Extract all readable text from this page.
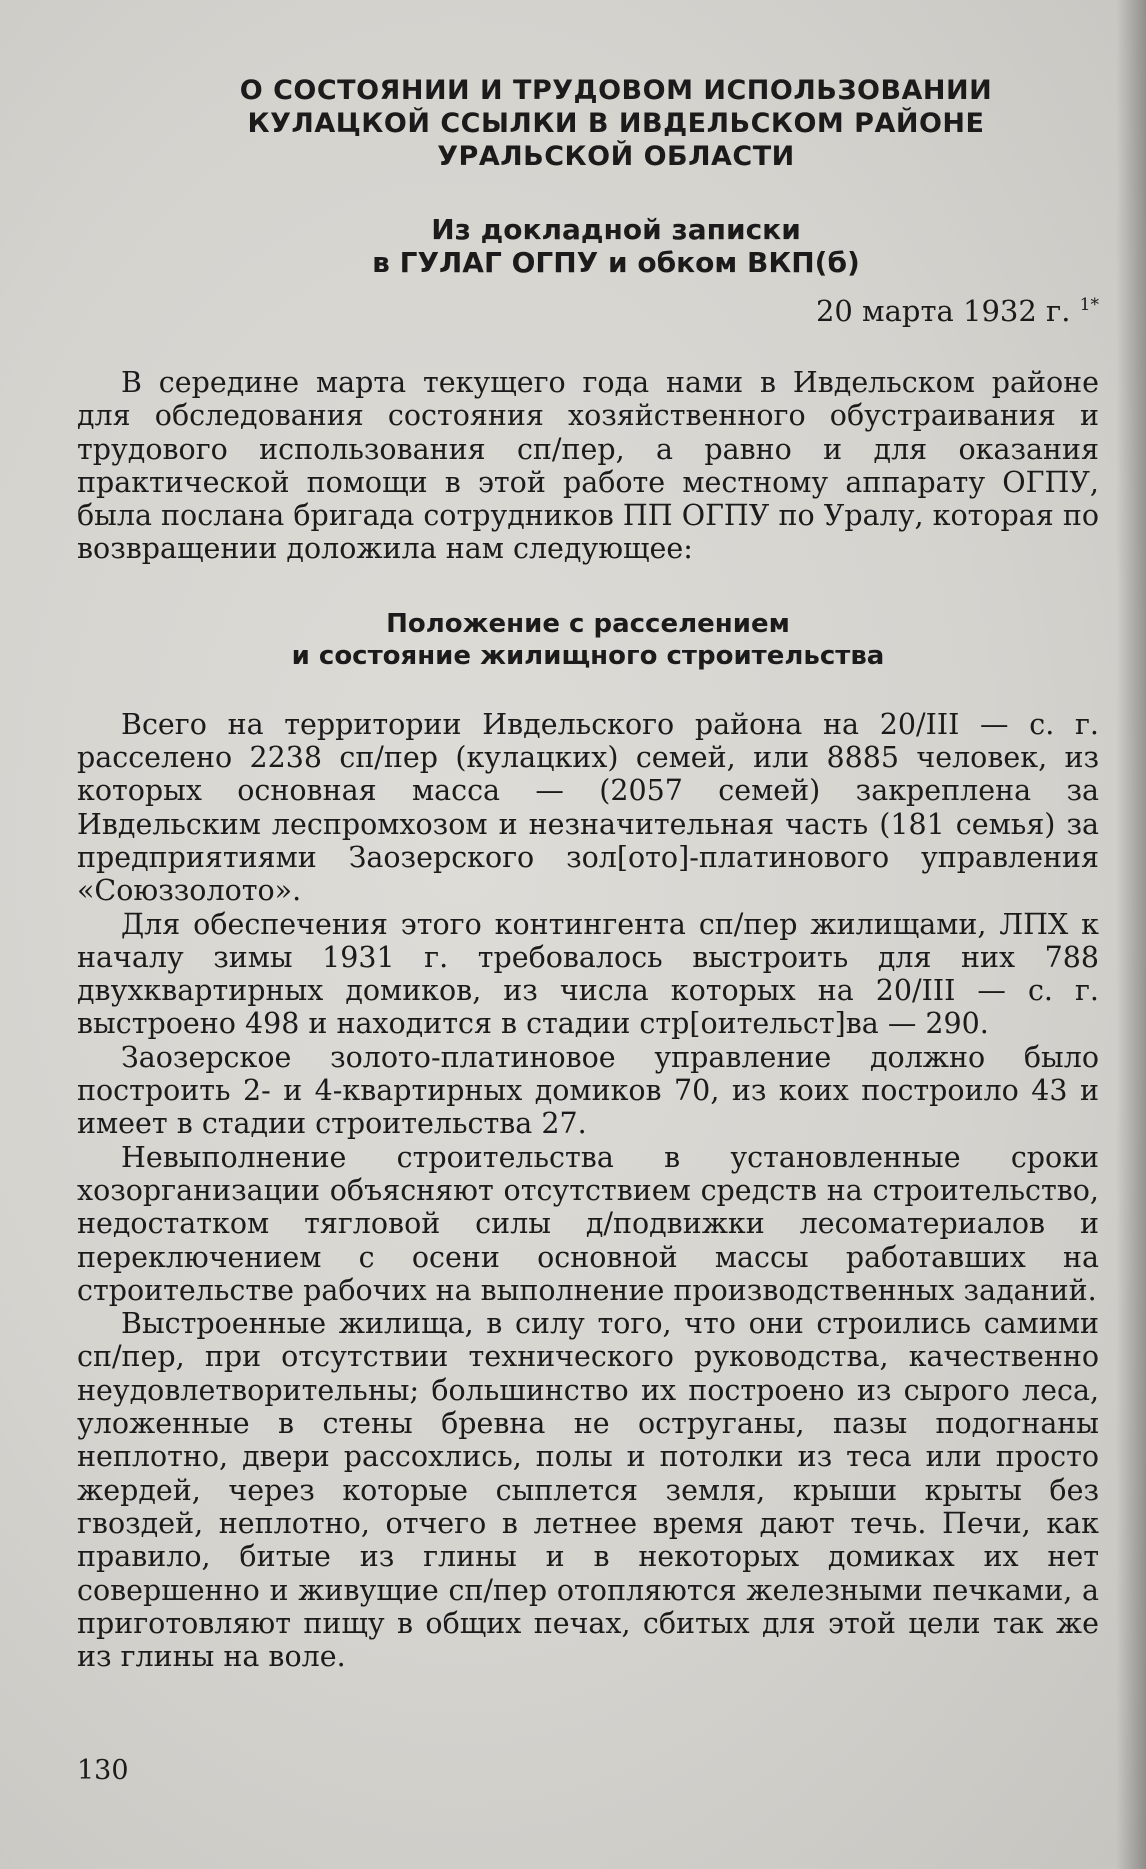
О СОСТОЯНИИ И ТРУДОВОМ ИСПОЛЬЗОВАНИИ
КУЛАЦКОЙ ССЫЛКИ В ИВДЕЛЬСКОМ РАЙОНЕ
УРАЛЬСКОЙ ОБЛАСТИ
Из докладной записки
в ГУЛАГ ОГПУ и обком ВКП(б)
20 марта 1932 г. $^{1*}$

В середине марта текущего года нами в Ивдельском районе для обследования состояния хозяйственного обустраивания и трудового использования сп/пер, а равно и для оказания практической помощи в этой работе местному аппарату ОГПУ, была послана бригада сотрудников ПП ОГПУ по Уралу, которая по возвращении доложила нам следующее:

Положение с расселением
и состояние жилищного строительства

Всего на территории Ивдельского района на 20/III — с. г. расселено 2238 сп/пер (кулацких) семей, или 8885 человек, из которых основная масса — (2057 семей) закреплена за Ивдельским леспромхозом и незначительная часть (181 семья) за предприятиями Заозерского зол[ото]-платинового управления «Союззолото».

Для обеспечения этого контингента сп/пер жилищами, ЛПХ к началу зимы 1931 г. требовалось выстроить для них 788 двухквартирных домиков, из числа которых на 20/III — с. г. выстроено 498 и находится в стадии стр[оительст]ва — 290.

Заозерское золото-платиновое управление должно было построить 2- и 4-квартирных домиков 70, из коих построило 43 и имеет в стадии строительства 27.

Невыполнение строительства в установленные сроки хозорганизации объясняют отсутствием средств на строительство, недостатком тягловой силы д/подвижки лесоматериалов и переключением с осени основной массы работавших на строительстве рабочих на выполнение производственных заданий.

Выстроенные жилища, в силу того, что они строились самими сп/пер, при отсутствии технического руководства, качественно неудовлетворительны; большинство их построено из сырого леса, уложенные в стены бревна не оструганы, пазы подогнаны неплотно, двери рассохлись, полы и потолки из теса или просто жердей, через которые сыплется земля, крыши крыты без гвоздей, неплотно, отчего в летнее время дают течь. Печи, как правило, битые из глины и в некоторых домиках их нет совершенно и живущие сп/пер отопляются железными печками, а приготовляют пищу в общих печах, сбитых для этой цели так же из глины на воле.

130
